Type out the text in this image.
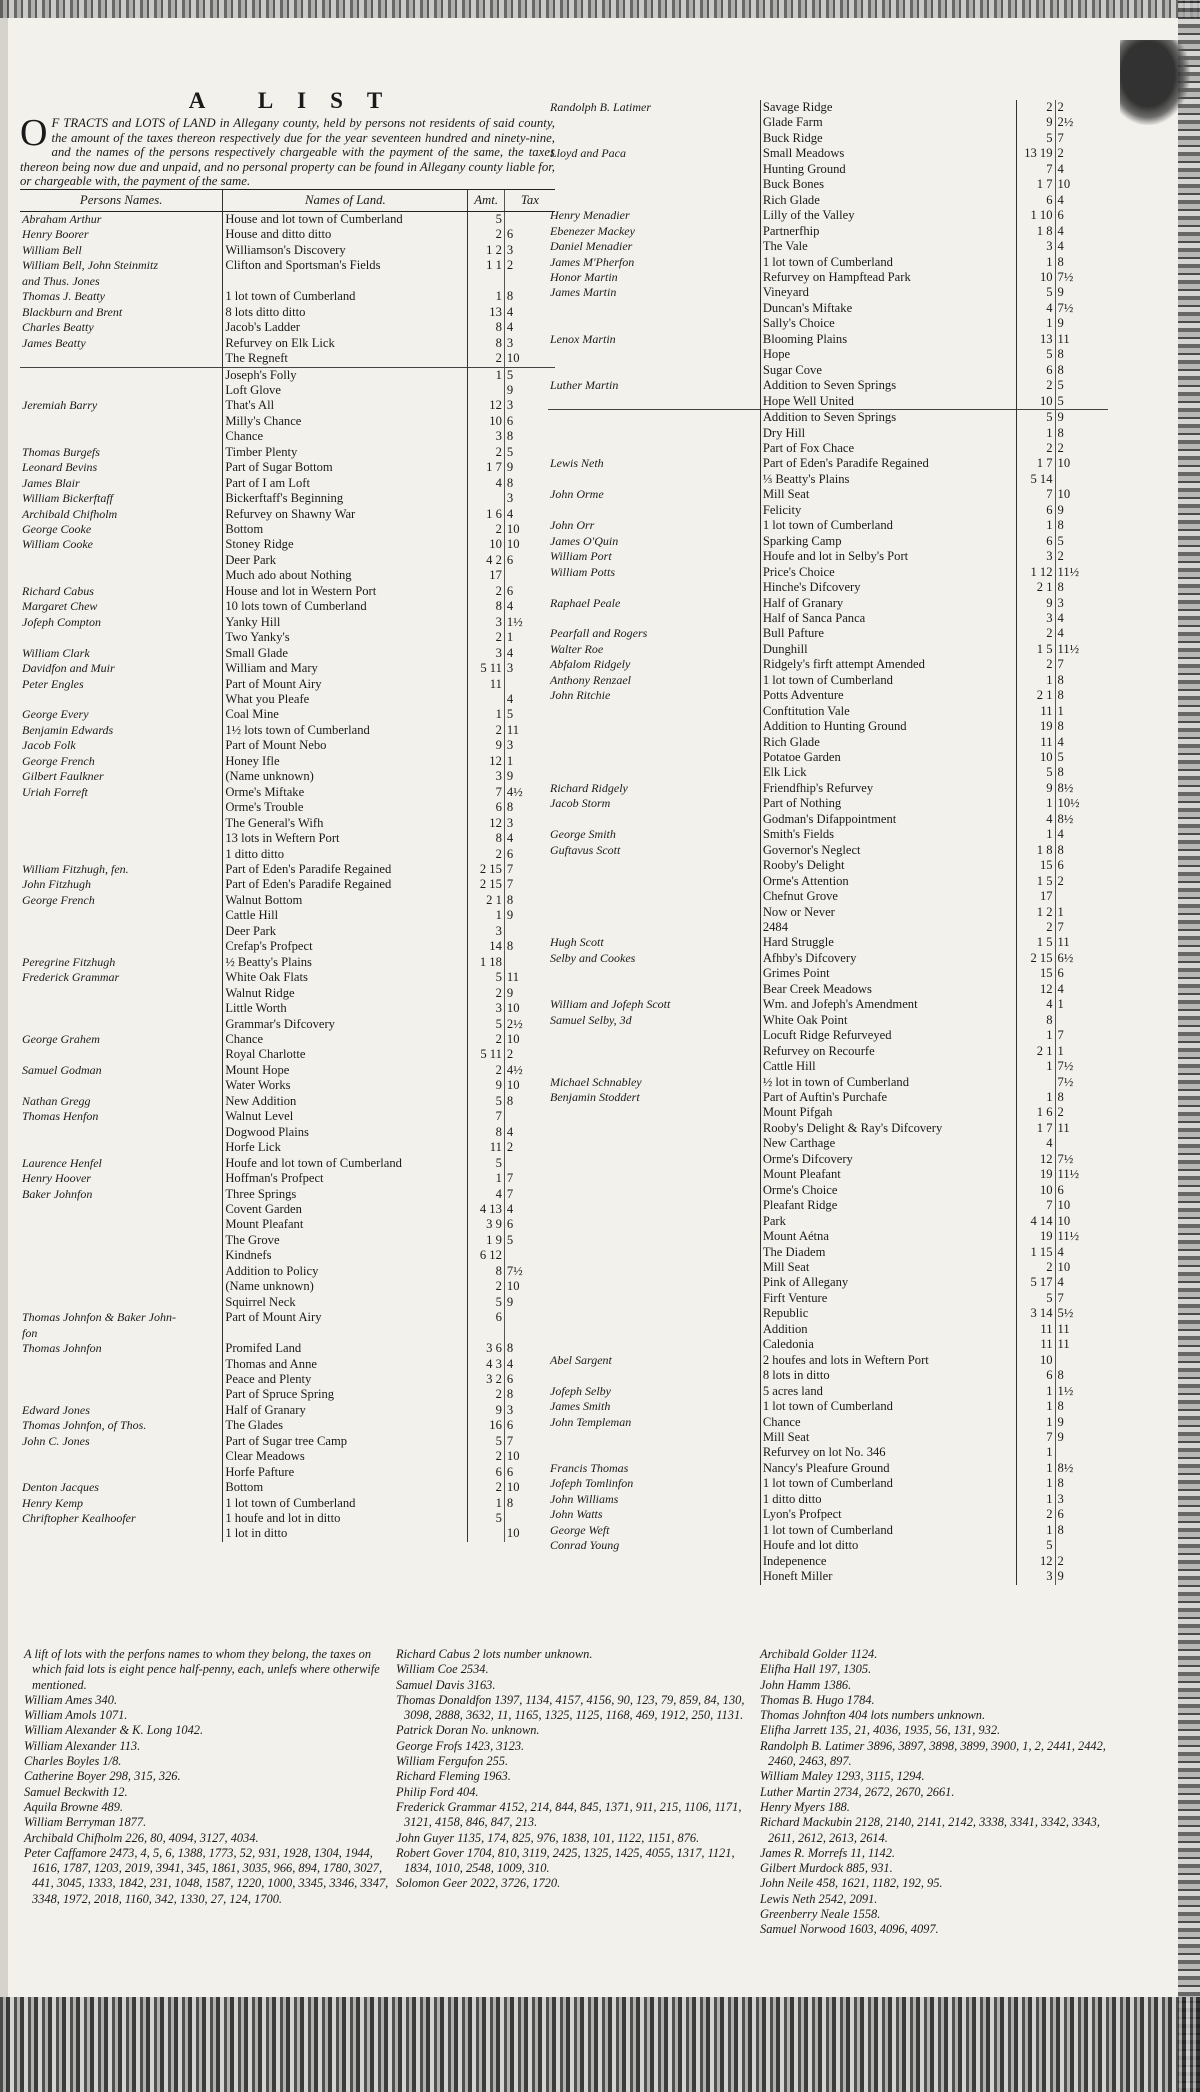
A LIST

O F TRACTS and LOTS of LAND in Allegany county, held by persons not residents of said county, the amount of the taxes thereon respectively due for the year seventeen hundred and ninety-nine, and the names of the persons respectively chargeable with the payment of the same, the taxes thereon being now due and unpaid, and no personal property can be found in Allegany county liable for, or chargeable with, the payment of the same.

Persons Names.	Names of Land.	Amt.	Tax
Abraham Arthur	House and lot town of Cumberland	5	
Henry Boorer	House and ditto ditto	2	6
William Bell	Williamson's Discovery	1 2	3
William Bell, John Steinmitz	Clifton and Sportsman's Fields	1 1	2
and Thus. Jones			
Thomas J. Beatty	1 lot town of Cumberland	1	8
Blackburn and Brent	8 lots ditto ditto	13	4
Charles Beatty	Jacob's Ladder	8	4
James Beatty	Refurvey on Elk Lick	8	3
	The Regneft	2	10
	Joseph's Folly	1	5
	Loft Glove		9
Jeremiah Barry	That's All	12	3
	Milly's Chance	10	6
	Chance	3	8
Thomas Burgefs	Timber Plenty	2	5
Leonard Bevins	Part of Sugar Bottom	1 7	9
James Blair	Part of I am Loft	4	8
William Bickerftaff	Bickerftaff's Beginning		3
Archibald Chifholm	Refurvey on Shawny War	1 6	4
George Cooke	Bottom	2	10
William Cooke	Stoney Ridge	10	10
	Deer Park	4 2	6
	Much ado about Nothing	17	
Richard Cabus	House and lot in Western Port	2	6
Margaret Chew	10 lots town of Cumberland	8	4
Jofeph Compton	Yanky Hill	3	1½
	Two Yanky's	2	1
William Clark	Small Glade	3	4
Davidfon and Muir	William and Mary	5 11	3
Peter Engles	Part of Mount Airy	11	
	What you Pleafe		4
George Every	Coal Mine	1	5
Benjamin Edwards	1½ lots town of Cumberland	2	11
Jacob Folk	Part of Mount Nebo	9	3
George French	Honey Ifle	12	1
Gilbert Faulkner	(Name unknown)	3	9
Uriah Forreft	Orme's Miftake	7	4½
	Orme's Trouble	6	8
	The General's Wifh	12	3
	13 lots in Weftern Port	8	4
	1 ditto ditto	2	6
William Fitzhugh, fen.	Part of Eden's Paradife Regained	2 15	7
John Fitzhugh	Part of Eden's Paradife Regained	2 15	7
George French	Walnut Bottom	2 1	8
	Cattle Hill	1	9
	Deer Park	3	
	Crefap's Profpect	14	8
Peregrine Fitzhugh	½ Beatty's Plains	1 18	
Frederick Grammar	White Oak Flats	5	11
	Walnut Ridge	2	9
	Little Worth	3	10
	Grammar's Difcovery	5	2½
George Grahem	Chance	2	10
	Royal Charlotte	5 11	2
Samuel Godman	Mount Hope	2	4½
	Water Works	9	10
Nathan Gregg	New Addition	5	8
Thomas Henfon	Walnut Level	7	
	Dogwood Plains	8	4
	Horfe Lick	11	2
Laurence Henfel	Houfe and lot town of Cumberland	5	
Henry Hoover	Hoffman's Profpect	1	7
Baker Johnfon	Three Springs	4	7
	Covent Garden	4 13	4
	Mount Pleafant	3 9	6
	The Grove	1 9	5
	Kindnefs	6 12	
	Addition to Policy	8	7½
	(Name unknown)	2	10
	Squirrel Neck	5	9
Thomas Johnfon & Baker John-	Part of Mount Airy	6	
fon			
Thomas Johnfon	Promifed Land	3 6	8
	Thomas and Anne	4 3	4
	Peace and Plenty	3 2	6
	Part of Spruce Spring	2	8
Edward Jones	Half of Granary	9	3
Thomas Johnfon, of Thos.	The Glades	16	6
John C. Jones	Part of Sugar tree Camp	5	7
	Clear Meadows	2	10
	Horfe Pafture	6	6
Denton Jacques	Bottom	2	10
Henry Kemp	1 lot town of Cumberland	1	8
Chriftopher Kealhoofer	1 houfe and lot in ditto	5	
	1 lot in ditto		10
Randolph B. Latimer	Savage Ridge	2	2
	Glade Farm	9	2½
	Buck Ridge	5	7
Lloyd and Paca	Small Meadows	13 19	2
	Hunting Ground	7	4
	Buck Bones	1 7	10
	Rich Glade	6	4
Henry Menadier	Lilly of the Valley	1 10	6
Ebenezer Mackey	Partnerfhip	1 8	4
Daniel Menadier	The Vale	3	4
James M'Pherfon	1 lot town of Cumberland	1	8
Honor Martin	Refurvey on Hampftead Park	10	7½
James Martin	Vineyard	5	9
	Duncan's Miftake	4	7½
	Sally's Choice	1	9
Lenox Martin	Blooming Plains	13	11
	Hope	5	8
	Sugar Cove	6	8
Luther Martin	Addition to Seven Springs	2	5
	Hope Well United	10	5
	Addition to Seven Springs	5	9
	Dry Hill	1	8
	Part of Fox Chace	2	2
Lewis Neth	Part of Eden's Paradife Regained	1 7	10
	⅓ Beatty's Plains	5 14	
John Orme	Mill Seat	7	10
	Felicity	6	9
John Orr	1 lot town of Cumberland	1	8
James O'Quin	Sparking Camp	6	5
William Port	Houfe and lot in Selby's Port	3	2
William Potts	Price's Choice	1 12	11½
	Hinche's Difcovery	2 1	8
Raphael Peale	Half of Granary	9	3
	Half of Sanca Panca	3	4
Pearfall and Rogers	Bull Pafture	2	4
Walter Roe	Dunghill	1 5	11½
Abfalom Ridgely	Ridgely's firft attempt Amended	2	7
Anthony Renzael	1 lot town of Cumberland	1	8
John Ritchie	Potts Adventure	2 1	8
	Conftitution Vale	11	1
	Addition to Hunting Ground	19	8
	Rich Glade	11	4
	Potatoe Garden	10	5
	Elk Lick	5	8
Richard Ridgely	Friendfhip's Refurvey	9	8½
Jacob Storm	Part of Nothing	1	10½
	Godman's Difappointment	4	8½
George Smith	Smith's Fields	1	4
Guftavus Scott	Governor's Neglect	1 8	8
	Rooby's Delight	15	6
	Orme's Attention	1 5	2
	Chefnut Grove	17	
	Now or Never	1 2	1
	2484	2	7
Hugh Scott	Hard Struggle	1 5	11
Selby and Cookes	Afhby's Difcovery	2 15	6½
	Grimes Point	15	6
	Bear Creek Meadows	12	4
William and Jofeph Scott	Wm. and Jofeph's Amendment	4	1
Samuel Selby, 3d	White Oak Point	8	
	Locuft Ridge Refurveyed	1	7
	Refurvey on Recourfe	2 1	1
	Cattle Hill	1	7½
Michael Schnabley	½ lot in town of Cumberland		7½
Benjamin Stoddert	Part of Auftin's Purchafe	1	8
	Mount Pifgah	1 6	2
	Rooby's Delight & Ray's Difcovery	1 7	11
	New Carthage	4	
	Orme's Difcovery	12	7½
	Mount Pleafant	19	11½
	Orme's Choice	10	6
	Pleafant Ridge	7	10
	Park	4 14	10
	Mount Aétna	19	11½
	The Diadem	1 15	4
	Mill Seat	2	10
	Pink of Allegany	5 17	4
	Firft Venture	5	7
	Republic	3 14	5½
	Addition	11	11
	Caledonia	11	11
Abel Sargent	2 houfes and lots in Weftern Port	10	
	8 lots in ditto	6	8
Jofeph Selby	5 acres land	1	1½
James Smith	1 lot town of Cumberland	1	8
John Templeman	Chance	1	9
	Mill Seat	7	9
	Refurvey on lot No. 346	1	
Francis Thomas	Nancy's Pleafure Ground	1	8½
Jofeph Tomlinfon	1 lot town of Cumberland	1	8
John Williams	1 ditto ditto	1	3
John Watts	Lyon's Profpect	2	6
George Weft	1 lot town of Cumberland	1	8
Conrad Young	Houfe and lot ditto	5	
	Indepenence	12	2
	Honeft Miller	3	9

A lift of lots with the perfons names to whom they belong, the taxes on which faid lots is eight pence half-penny, each, unlefs where otherwife mentioned.

William Ames 340.

William Amols 1071.

William Alexander & K. Long 1042.

William Alexander 113.

Charles Boyles 1/8.

Catherine Boyer 298, 315, 326.

Samuel Beckwith 12.

Aquila Browne 489.

William Berryman 1877.

Archibald Chifholm 226, 80, 4094, 3127, 4034.

Peter Caffamore 2473, 4, 5, 6, 1388, 1773, 52, 931, 1928, 1304, 1944, 1616, 1787, 1203, 2019, 3941, 345, 1861, 3035, 966, 894, 1780, 3027, 441, 3045, 1333, 1842, 231, 1048, 1587, 1220, 1000, 3345, 3346, 3347, 3348, 1972, 2018, 1160, 342, 1330, 27, 124, 1700.

Richard Cabus 2 lots number unknown.

William Coe 2534.

Samuel Davis 3163.

Thomas Donaldfon 1397, 1134, 4157, 4156, 90, 123, 79, 859, 84, 130, 3098, 2888, 3632, 11, 1165, 1325, 1125, 1168, 469, 1912, 250, 1131.

Patrick Doran No. unknown.

George Frofs 1423, 3123.

William Fergufon 255.

Richard Fleming 1963.

Philip Ford 404.

Frederick Grammar 4152, 214, 844, 845, 1371, 911, 215, 1106, 1171, 3121, 4158, 846, 847, 213.

John Guyer 1135, 174, 825, 976, 1838, 101, 1122, 1151, 876.

Robert Gover 1704, 810, 3119, 2425, 1325, 1425, 4055, 1317, 1121, 1834, 1010, 2548, 1009, 310.

Solomon Geer 2022, 3726, 1720.

Archibald Golder 1124.

Elifha Hall 197, 1305.

John Hamm 1386.

Thomas B. Hugo 1784.

Thomas Johnfton 404 lots numbers unknown.

Elifha Jarrett 135, 21, 4036, 1935, 56, 131, 932.

Randolph B. Latimer 3896, 3897, 3898, 3899, 3900, 1, 2, 2441, 2442, 2460, 2463, 897.

William Maley 1293, 3115, 1294.

Luther Martin 2734, 2672, 2670, 2661.

Henry Myers 188.

Richard Mackubin 2128, 2140, 2141, 2142, 3338, 3341, 3342, 3343, 2611, 2612, 2613, 2614.

James R. Morrefs 11, 1142.

Gilbert Murdock 885, 931.

John Neile 458, 1621, 1182, 192, 95.

Lewis Neth 2542, 2091.

Greenberry Neale 1558.

Samuel Norwood 1603, 4096, 4097.
